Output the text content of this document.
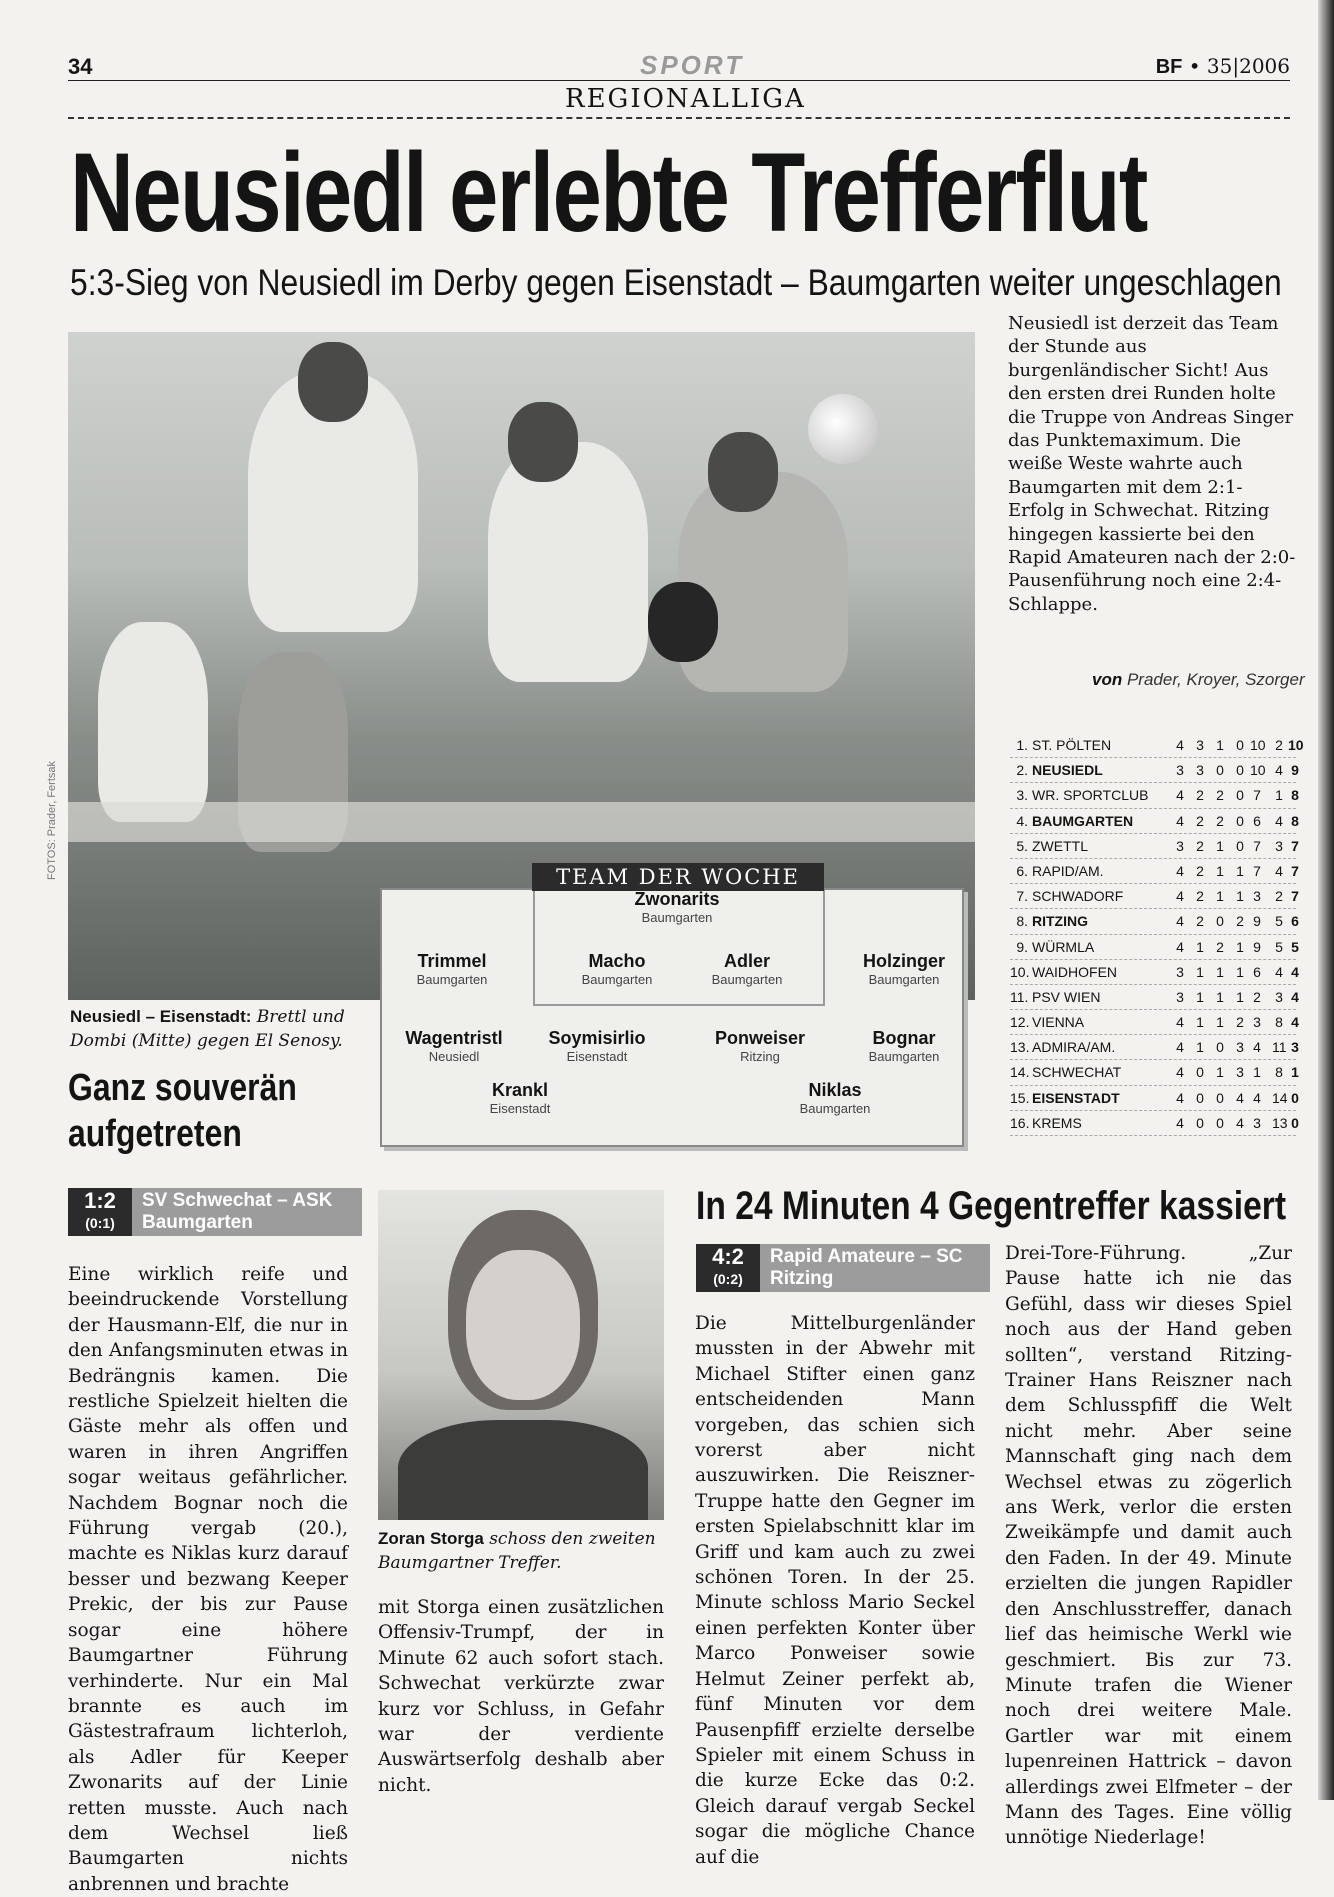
34	SPORT	BF • 35|2006
REGIONALLIGA
Neusiedl erlebte Trefferflut
5:3-Sieg von Neusiedl im Derby gegen Eisenstadt – Baumgarten weiter ungeschlagen
FOTOS: Prader, Fertsak	TEAM DER WOCHE
Zwonarits
Baumgarten
Trimmel
Baumgarten
Macho
Baumgarten
Adler
Baumgarten
Holzinger
Baumgarten
Wagentristl
Neusiedl
Soymisirlio
Eisenstadt
Ponweiser
Ritzing
Bognar
Baumgarten
Krankl
Eisenstadt
Niklas
Baumgarten
Neusiedl ist derzeit das Team der Stunde aus burgenländischer Sicht! Aus den ersten drei Runden holte die Truppe von Andreas Singer das Punktemaximum. Die weiße Weste wahrte auch Baumgarten mit dem 2:1-Erfolg in Schwechat. Ritzing hingegen kassierte bei den Rapid Amateuren nach der 2:0-Pausenführung noch eine 2:4-Schlappe.
von Prader, Kroyer, Szorger
1. ST. PÖLTEN	4 3 1 0 10 2 10
2. NEUSIEDL	3 3 0 0 10 4 9
3. WR. SPORTCLUB 4 2 2 0 7 1 8
4. BAUMGARTEN	4 2 2 0 6 4 8
5. ZWETTL	3 2 1 0 7 3 7
6. RAPID/AM.	4 2 1 1 7 4 7
7. SCHWADORF	4 2 1 1 3 2 7
8. RITZING	4 2 0 2 9 5 6
9. WÜRMLA	4 1 2 1 9 5 5
10. WAIDHOFEN	3 1 1 1 6 4 4
11. PSV WIEN	3 1 1 1 2 3 4
12. VIENNA	4 1 1 2 3 8 4
13. ADMIRA/AM.	4 1 0 3 4 11 3
14. SCHWECHAT	4 0 1 3 1 8 1
15. EISENSTADT	4 0 0 4 4 14 0
16. KREMS	4 0 0 4 3 13 0
Neusiedl – Eisenstadt: Brettl und Dombi (Mitte) gegen El Senosy.
Ganz souverän aufgetreten
1:2
(0:1)
SV Schwechat – ASK Baumgarten

Eine wirklich reife und beeindruckende Vorstellung der Hausmann-Elf, die nur in den Anfangsminuten etwas in Bedrängnis kamen. Die restliche Spielzeit hielten die Gäste mehr als offen und waren in ihren Angriffen sogar weitaus gefährlicher. Nachdem Bognar noch die Führung vergab (20.), machte es Niklas kurz darauf besser und bezwang Keeper Prekic, der bis zur Pause sogar eine höhere Baumgartner Führung verhinderte. Nur ein Mal brannte es auch im Gästestrafraum lichterloh, als Adler für Keeper Zwonarits auf der Linie retten musste. Auch nach dem Wechsel ließ Baumgarten nichts anbrennen und brachte

Zoran Storga schoss den zweiten Baumgartner Treffer.

mit Storga einen zusätzlichen Offensiv-Trumpf, der in Minute 62 auch sofort stach. Schwechat verkürzte zwar kurz vor Schluss, in Gefahr war der verdiente Auswärtserfolg deshalb aber nicht.

In 24 Minuten 4 Gegentreffer kassiert
4:2
(0:2)
Rapid Amateure – SC Ritzing

Die Mittelburgenländer mussten in der Abwehr mit Michael Stifter einen ganz entscheidenden Mann vorgeben, das schien sich vorerst aber nicht auszuwirken. Die Reiszner-Truppe hatte den Gegner im ersten Spielabschnitt klar im Griff und kam auch zu zwei schönen Toren. In der 25. Minute schloss Mario Seckel einen perfekten Konter über Marco Ponweiser sowie Helmut Zeiner perfekt ab, fünf Minuten vor dem Pausenpfiff erzielte derselbe Spieler mit einem Schuss in die kurze Ecke das 0:2. Gleich darauf vergab Seckel sogar die mögliche Chance auf die

Drei-Tore-Führung. „Zur Pause hatte ich nie das Gefühl, dass wir dieses Spiel noch aus der Hand geben sollten“, verstand Ritzing-Trainer Hans Reiszner nach dem Schlusspfiff die Welt nicht mehr. Aber seine Mannschaft ging nach dem Wechsel etwas zu zögerlich ans Werk, verlor die ersten Zweikämpfe und damit auch den Faden. In der 49. Minute erzielten die jungen Rapidler den Anschlusstreffer, danach lief das heimische Werkl wie geschmiert. Bis zur 73. Minute trafen die Wiener noch drei weitere Male. Gartler war mit einem lupenreinen Hattrick – davon allerdings zwei Elfmeter – der Mann des Tages. Eine völlig unnötige Niederlage!
